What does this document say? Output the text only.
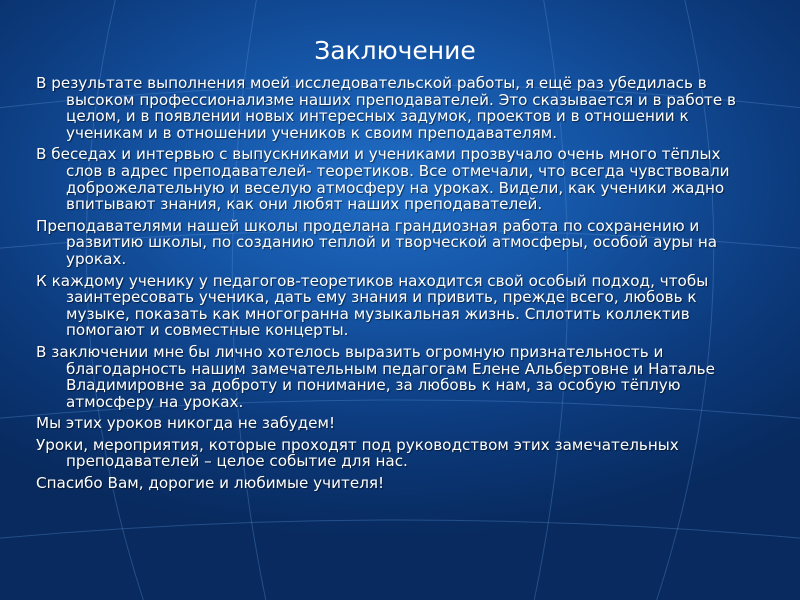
Заключение
В результате выполнения моей исследовательской работы, я ещё раз убедилась в высоком профессионализме наших преподавателей. Это сказывается и в работе в целом, и в появлении новых интересных задумок, проектов и в отношении к ученикам и в отношении учеников к своим преподавателям.
В беседах и интервью с выпускниками и учениками прозвучало очень много тёплых слов в адрес преподавателей- теоретиков. Все отмечали, что всегда чувствовали доброжелательную и веселую атмосферу на уроках. Видели, как ученики жадно впитывают знания, как они любят наших преподавателей.
Преподавателями нашей школы проделана грандиозная работа по сохранению и развитию школы, по созданию теплой и творческой атмосферы, особой ауры на уроках.
К каждому ученику у педагогов-теоретиков находится свой особый подход, чтобы заинтересовать ученика, дать ему знания и привить, прежде всего, любовь к музыке, показать как многогранна музыкальная жизнь. Сплотить коллектив помогают и совместные концерты.
В заключении мне бы лично хотелось выразить огромную признательность и благодарность нашим замечательным педагогам Елене Альбертовне и Наталье Владимировне за доброту и понимание, за любовь к нам, за особую тёплую атмосферу на уроках.
Мы этих уроков никогда не забудем!
Уроки, мероприятия, которые проходят под руководством этих замечательных преподавателей – целое событие для нас.
Спасибо Вам, дорогие и любимые учителя!
